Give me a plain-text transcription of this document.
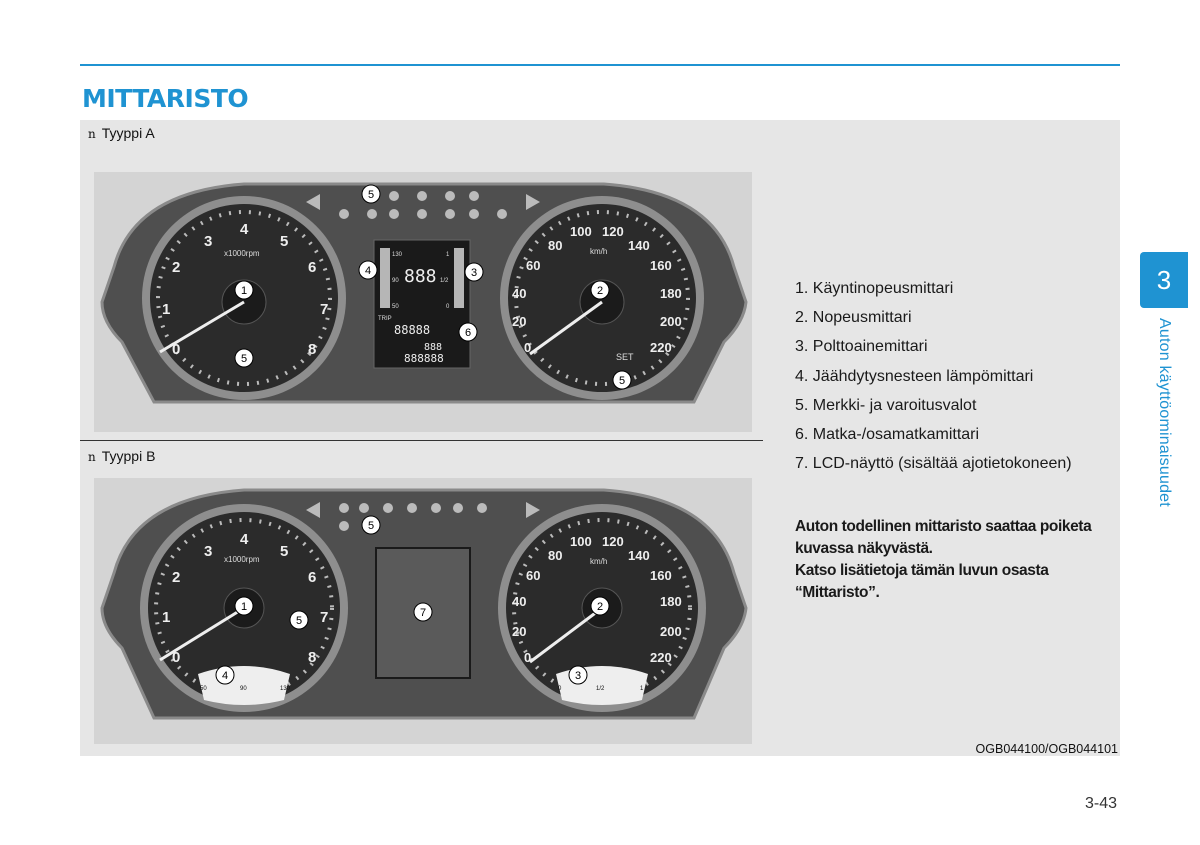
MITTARISTO
n Tyyppi A
n Tyyppi B
3
4
5
2	6
1	7
0	8
x1000rpm
1
5
0
20
40
60
80
100 120
140
160
180
200
220
km/h
SET
2
5
130
90
50
1
1/2
0
888
TRIP
88888
888
888888
4	3
6
5
3
4
5
2	6
1	7
0	8
x1000rpm
50	90	130
1
4
5
0
20
40
60
80
100 120
140
160
180
200
220
km/h
0	1/2	1
2
3
7
5
1. Käyntinopeusmittari
2. Nopeusmittari
3. Polttoainemittari
4. Jäähdytysnesteen lämpömittari
5. Merkki- ja varoitusvalot
6. Matka-/osamatkamittari
7. LCD-näyttö (sisältää ajotietokoneen)
Auton todellinen mittaristo saattaa poiketa kuvassa näkyvästä.
Katso lisätietoja tämän luvun osasta “Mittaristo”.
OGB044100/OGB044101
3
Auton käyttöominaisuudet
3-43
